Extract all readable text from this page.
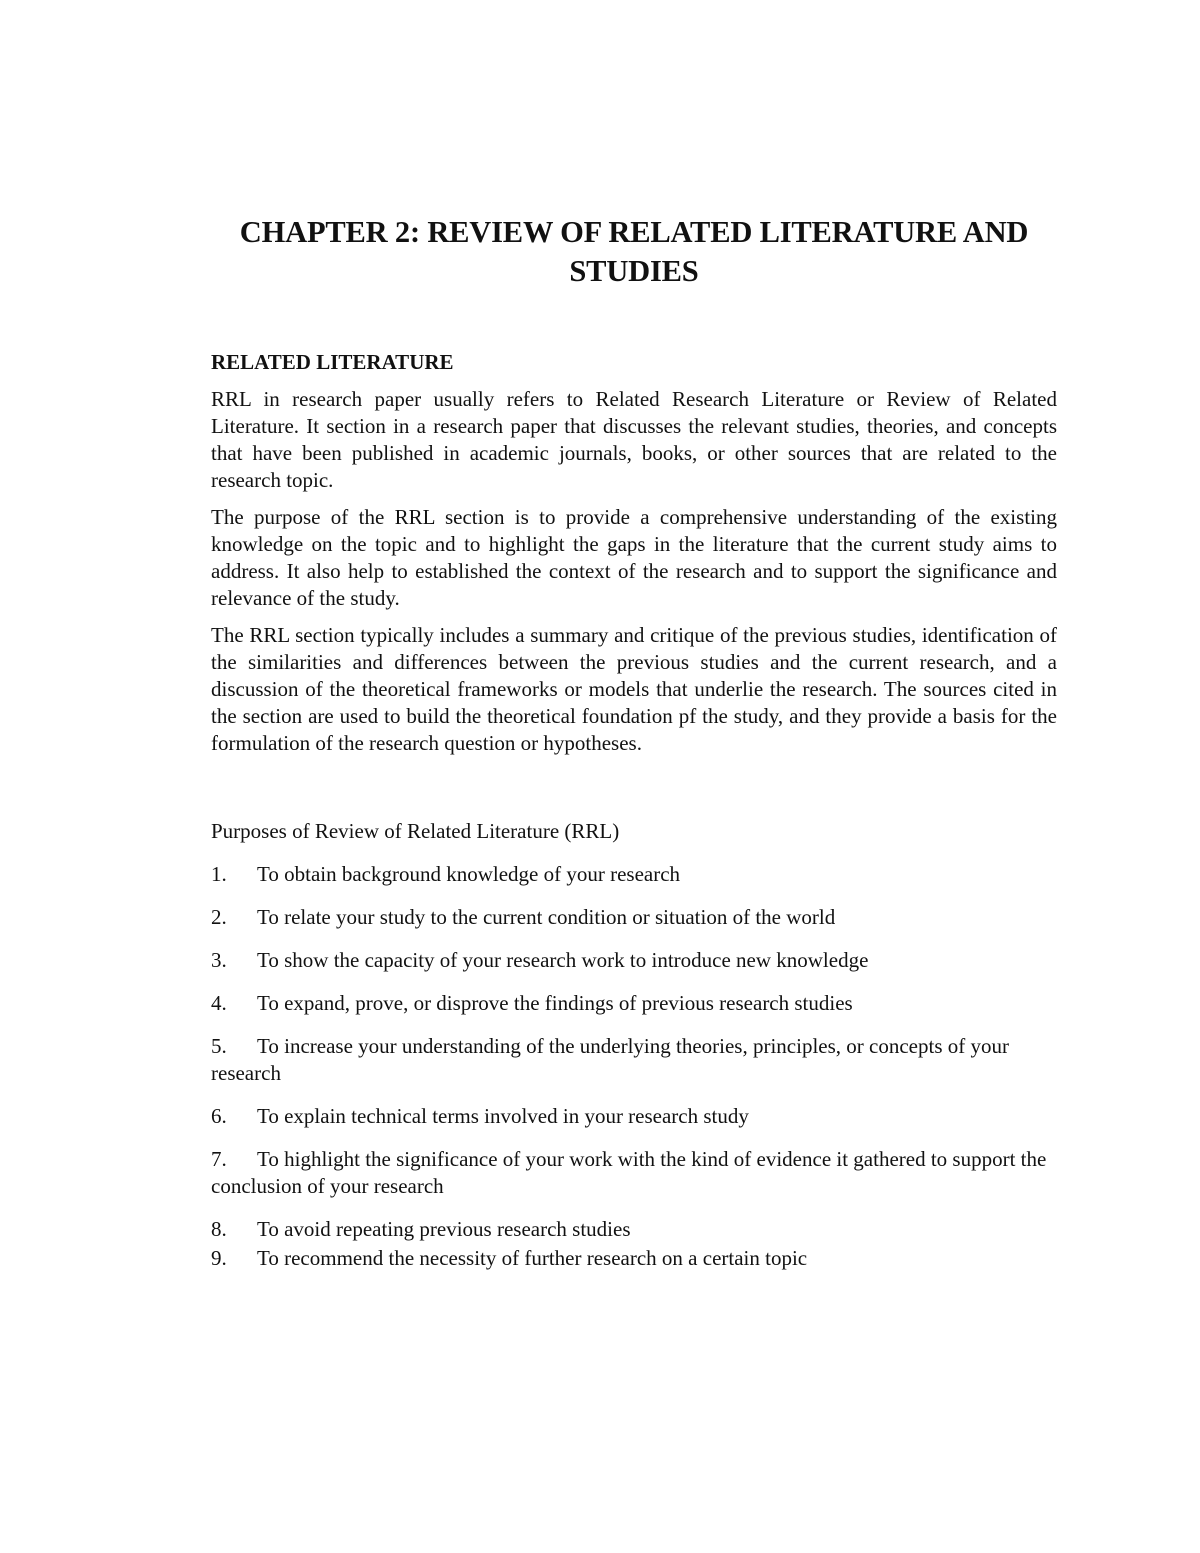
CHAPTER 2: REVIEW OF RELATED LITERATURE AND STUDIES
RELATED LITERATURE

RRL in research paper usually refers to Related Research Literature or Review of Related Literature. It section in a research paper that discusses the relevant studies, theories, and concepts that have been published in academic journals, books, or other sources that are related to the research topic.

The purpose of the RRL section is to provide a comprehensive understanding of the existing knowledge on the topic and to highlight the gaps in the literature that the current study aims to address. It also help to established the context of the research and to support the significance and relevance of the study.

The RRL section typically includes a summary and critique of the previous studies, identification of the similarities and differences between the previous studies and the current research, and a discussion of the theoretical frameworks or models that underlie the research. The sources cited in the section are used to build the theoretical foundation pf the study, and they provide a basis for the formulation of the research question or hypotheses.

Purposes of Review of Related Literature (RRL)

1. To obtain background knowledge of your research
2. To relate your study to the current condition or situation of the world
3. To show the capacity of your research work to introduce new knowledge
4. To expand, prove, or disprove the findings of previous research studies
5. To increase your understanding of the underlying theories, principles, or concepts of your research
6. To explain technical terms involved in your research study
7. To highlight the significance of your work with the kind of evidence it gathered to support the conclusion of your research
8. To avoid repeating previous research studies
9. To recommend the necessity of further research on a certain topic
